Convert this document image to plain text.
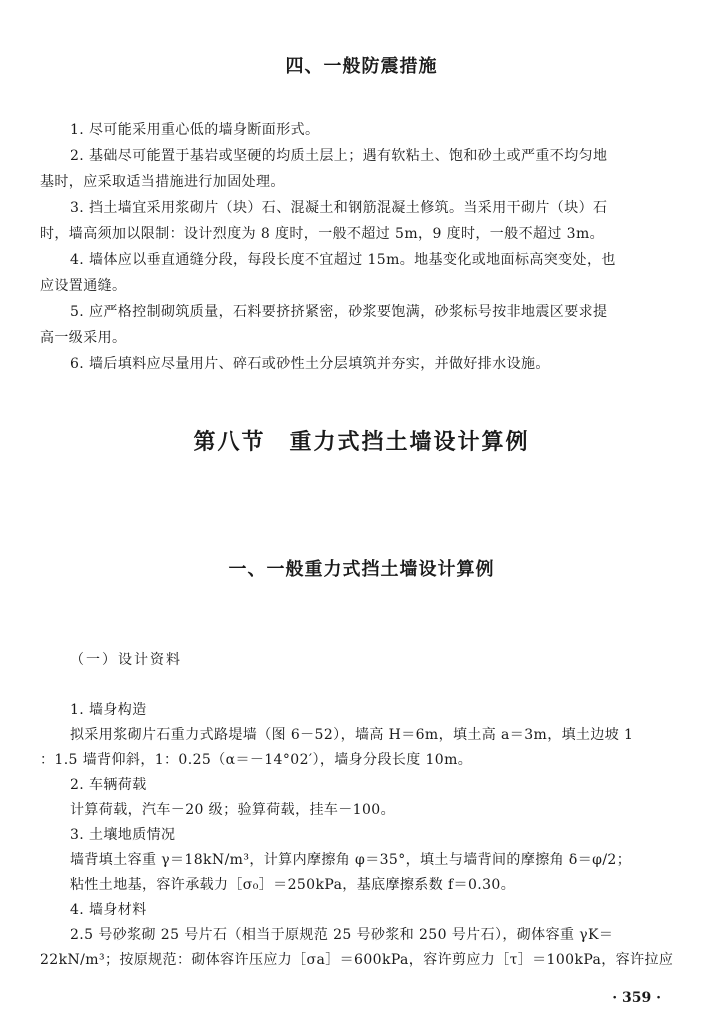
四、一般防震措施
1. 尽可能采用重心低的墙身断面形式。
2. 基础尽可能置于基岩或坚硬的均质土层上；遇有软粘土、饱和砂土或严重不均匀地
基时，应采取适当措施进行加固处理。
3. 挡土墙宜采用浆砌片（块）石、混凝土和钢筋混凝土修筑。当采用干砌片（块）石
时，墙高须加以限制：设计烈度为 8 度时，一般不超过 5m，9 度时，一般不超过 3m。
4. 墙体应以垂直通缝分段，每段长度不宜超过 15m。地基变化或地面标高突变处，也
应设置通缝。
5. 应严格控制砌筑质量，石料要挤挤紧密，砂浆要饱满，砂浆标号按非地震区要求提
高一级采用。
6. 墙后填料应尽量用片、碎石或砂性土分层填筑并夯实，并做好排水设施。
第八节　重力式挡土墙设计算例
一、一般重力式挡土墙设计算例
（一）设计资料
1. 墙身构造
拟采用浆砌片石重力式路堤墙（图 6－52），墙高 H＝6m，填土高 a＝3m，填土边坡 1
：1.5 墙背仰斜，1：0.25（α＝－14°02′），墙身分段长度 10m。
2. 车辆荷载
计算荷载，汽车－20 级；验算荷载，挂车－100。
3. 土壤地质情况
墙背填土容重 γ＝18kN/m³，计算内摩擦角 φ＝35°，填土与墙背间的摩擦角 δ＝φ/2；
粘性土地基，容许承载力［σ₀］＝250kPa，基底摩擦系数 f＝0.30。
4. 墙身材料
2.5 号砂浆砌 25 号片石（相当于原规范 25 号砂浆和 250 号片石），砌体容重 γK＝
22kN/m³；按原规范：砌体容许压应力［σa］＝600kPa，容许剪应力［τ］＝100kPa，容许拉应
· 359 ·
